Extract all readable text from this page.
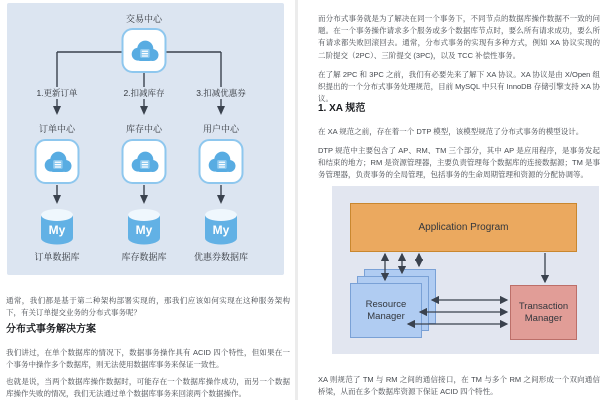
交易中心
1.更新订单	2.扣减库存	3.扣减优惠券
订单中心	库存中心	用户中心
My	My	My
订单数据库	库存数据库	优惠券数据库

通常，我们都是基于第二种架构部署实现的，那我们应该如何实现在这种服务架构下，有关订单提交业务的分布式事务呢？

分布式事务解决方案

我们讲过，在单个数据库的情况下，数据事务操作具有 ACID 四个特性，但如果在一个事务中操作多个数据库，则无法使用数据库事务来保证一致性。

也就是说，当两个数据库操作数据时，可能存在一个数据库操作成功，而另一个数据库操作失败的情况，我们无法通过单个数据库事务来回滚两个数据操作。

而分布式事务就是为了解决在同一个事务下，不同节点的数据库操作数据不一致的问题。在一个事务操作请求多个服务或多个数据库节点时，要么所有请求成功，要么所有请求都失败回滚回去。通常，分布式事务的实现有多种方式，例如 XA 协议实现的二阶提交（2PC）、三阶提交 (3PC)，以及 TCC 补偿性事务。

在了解 2PC 和 3PC 之前，我们有必要先来了解下 XA 协议。XA 协议是由 X/Open 组织提出的一个分布式事务处理规范，目前 MySQL 中只有 InnoDB 存储引擎支持 XA 协议。

1. XA 规范

在 XA 规范之前，存在着一个 DTP 模型，该模型规范了分布式事务的模型设计。

DTP 规范中主要包含了 AP、RM、TM 三个部分，其中 AP 是应用程序，是事务发起和结束的地方；RM 是资源管理器，主要负责管理每个数据库的连接数据源；TM 是事务管理器，负责事务的全局管理，包括事务的生命周期管理和资源的分配协调等。

Application Program
Resource Manager
Transaction Manager

XA 则规范了 TM 与 RM 之间的通信接口，在 TM 与多个 RM 之间形成一个双向通信桥梁，从而在多个数据库资源下保证 ACID 四个特性。
